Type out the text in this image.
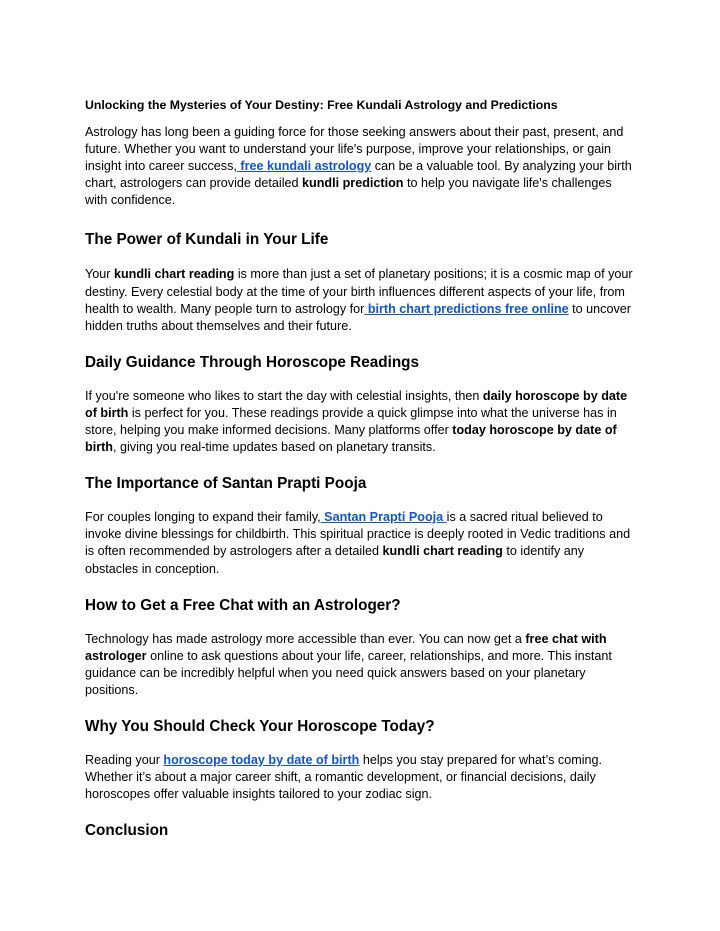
Unlocking the Mysteries of Your Destiny: Free Kundali Astrology and Predictions

Astrology has long been a guiding force for those seeking answers about their past, present, and future. Whether you want to understand your life's purpose, improve your relationships, or gain insight into career success, free kundali astrology can be a valuable tool. By analyzing your birth chart, astrologers can provide detailed kundli prediction to help you navigate life's challenges with confidence.

The Power of Kundali in Your Life

Your kundli chart reading is more than just a set of planetary positions; it is a cosmic map of your destiny. Every celestial body at the time of your birth influences different aspects of your life, from health to wealth. Many people turn to astrology for birth chart predictions free online to uncover hidden truths about themselves and their future.

Daily Guidance Through Horoscope Readings

If you're someone who likes to start the day with celestial insights, then daily horoscope by date of birth is perfect for you. These readings provide a quick glimpse into what the universe has in store, helping you make informed decisions. Many platforms offer today horoscope by date of birth, giving you real-time updates based on planetary transits.

The Importance of Santan Prapti Pooja

For couples longing to expand their family, Santan Prapti Pooja is a sacred ritual believed to invoke divine blessings for childbirth. This spiritual practice is deeply rooted in Vedic traditions and is often recommended by astrologers after a detailed kundli chart reading to identify any obstacles in conception.

How to Get a Free Chat with an Astrologer?

Technology has made astrology more accessible than ever. You can now get a free chat with astrologer online to ask questions about your life, career, relationships, and more. This instant guidance can be incredibly helpful when you need quick answers based on your planetary positions.

Why You Should Check Your Horoscope Today?

Reading your horoscope today by date of birth helps you stay prepared for what’s coming. Whether it’s about a major career shift, a romantic development, or financial decisions, daily horoscopes offer valuable insights tailored to your zodiac sign.

Conclusion
